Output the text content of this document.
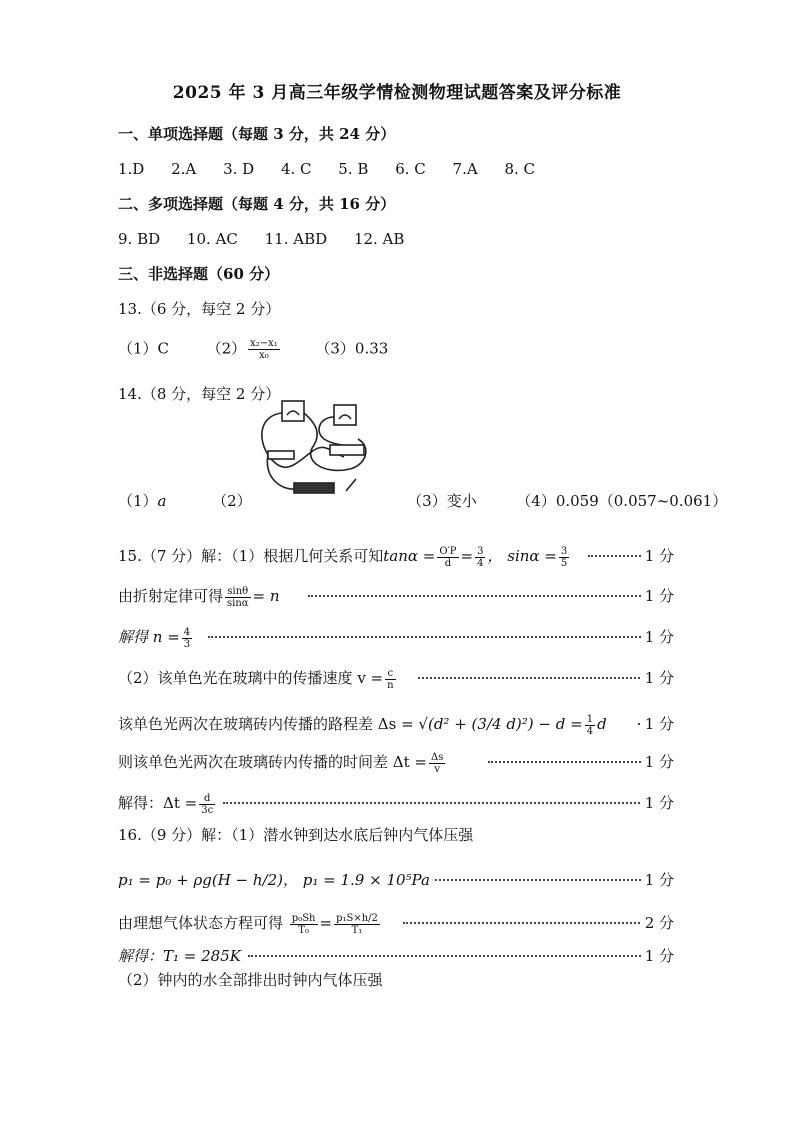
2025 年 3 月高三年级学情检测物理试题答案及评分标准
一、单项选择题（每题 3 分，共 24 分）
1.D 2.A 3. D 4. C 5. B 6. C 7.A 8. C
二、多项选择题（每题 4 分，共 16 分）
9. BD 10. AC 11. ABD 12. AB
三、非选择题（60 分）
13.（6 分，每空 2 分）
（1）C	$(2) \frac{\text{x₂−x₁}}{\text{x₀}} (3)0.33$
14.（8 分，每空 2 分）
（1）a	（2）	（3）变小	（4）0.059（0.057~0.061）
15.（7 分）解：（1）根据几何关系可知$\tan\alpha = \frac{O'P}{d} = \frac{3}{4}$ ， $\sin\alpha = \frac{3}{5}$	1 分
由折射定律可得 $\frac{\sin\theta}{\sin\alpha} = n$	1 分
解得 $n = \frac{4}{3}$	1 分
（2）该单色光在玻璃中的传播速度 $v = \frac{c}{n}$	1 分
该单色光两次在玻璃砖内传播的路程差 Δs = √(d² + (3/4 $d)^2) - d = \frac{1}{4}$ d	1 分
则该单色光两次在玻璃砖内传播的时间差 $\Delta t = \frac{\Delta s}{v}$	1 分
解得：$\Delta t = \frac{d}{3c}$	1 分
16.（9 分）解：（1）潜水钟到达水底后钟内气体压强
p₁ = p₀ + ρg(H − h/2)， p₁ = 1.9 × 10⁵Pa	1 分
由理想气体状态方程可得 $\frac{\text{p₀Sh}}{\text{T₀}} = \frac{\text{p₁S×h/2}}{\text{T₁}}$	2 分
解得：T₁ = 285K	1 分
（2）钟内的水全部排出时钟内气体压强
